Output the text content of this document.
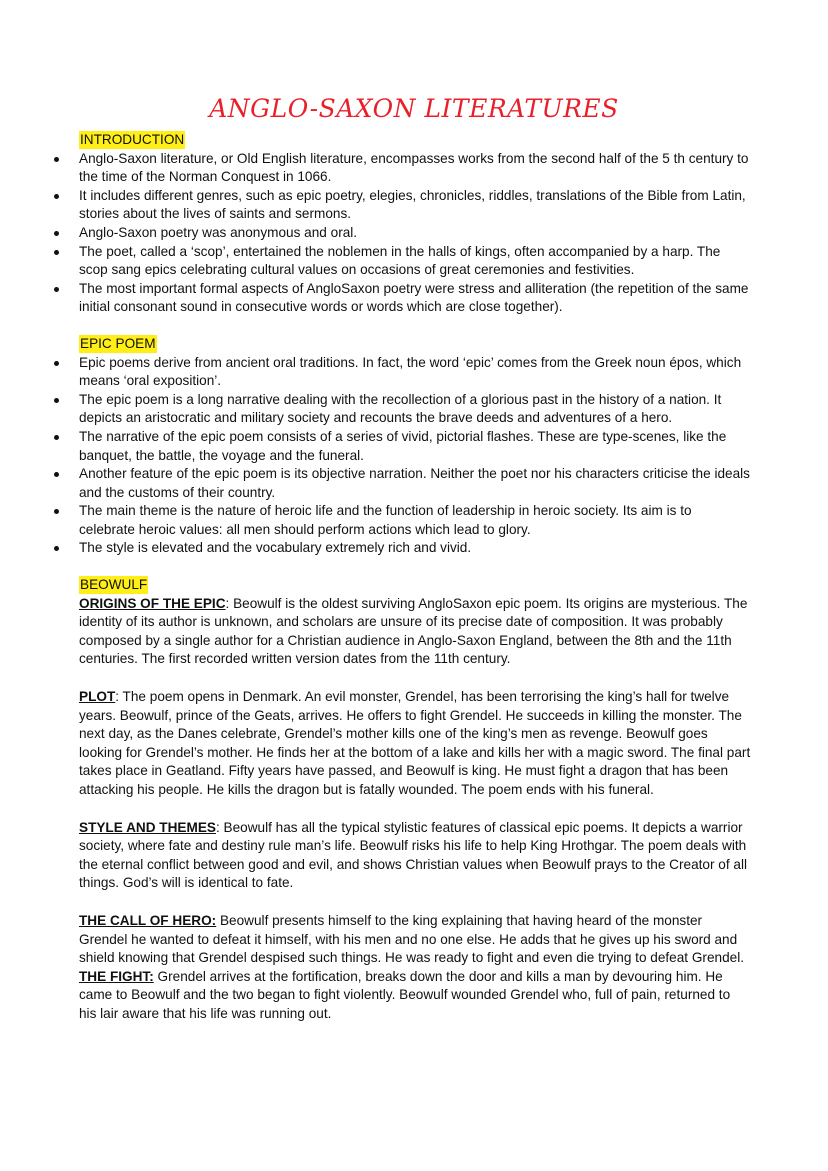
ANGLO-SAXON LITERATURES
INTRODUCTION
Anglo-Saxon literature, or Old English literature, encompasses works from the second half of the 5 th century to the time of the Norman Conquest in 1066.
It includes different genres, such as epic poetry, elegies, chronicles, riddles, translations of the Bible from Latin, stories about the lives of saints and sermons.
Anglo-Saxon poetry was anonymous and oral.
The poet, called a ‘scop’, entertained the noblemen in the halls of kings, often accompanied by a harp. The scop sang epics celebrating cultural values on occasions of great ceremonies and festivities.
The most important formal aspects of AngloSaxon poetry were stress and alliteration (the repetition of the same initial consonant sound in consecutive words or words which are close together).
EPIC POEM
Epic poems derive from ancient oral traditions. In fact, the word ‘epic’ comes from the Greek noun épos, which means ‘oral exposition’.
The epic poem is a long narrative dealing with the recollection of a glorious past in the history of a nation. It depicts an aristocratic and military society and recounts the brave deeds and adventures of a hero.
The narrative of the epic poem consists of a series of vivid, pictorial flashes. These are type-scenes, like the banquet, the battle, the voyage and the funeral.
Another feature of the epic poem is its objective narration. Neither the poet nor his characters criticise the ideals and the customs of their country.
The main theme is the nature of heroic life and the function of leadership in heroic society. Its aim is to celebrate heroic values: all men should perform actions which lead to glory.
The style is elevated and the vocabulary extremely rich and vivid.
BEOWULF

ORIGINS OF THE EPIC: Beowulf is the oldest surviving AngloSaxon epic poem. Its origins are mysterious. The identity of its author is unknown, and scholars are unsure of its precise date of composition. It was probably composed by a single author for a Christian audience in Anglo-Saxon England, between the 8th and the 11th centuries. The first recorded written version dates from the 11th century.

PLOT: The poem opens in Denmark. An evil monster, Grendel, has been terrorising the king’s hall for twelve years. Beowulf, prince of the Geats, arrives. He offers to fight Grendel. He succeeds in killing the monster. The next day, as the Danes celebrate, Grendel’s mother kills one of the king’s men as revenge. Beowulf goes looking for Grendel’s mother. He finds her at the bottom of a lake and kills her with a magic sword. The final part takes place in Geatland. Fifty years have passed, and Beowulf is king. He must fight a dragon that has been attacking his people. He kills the dragon but is fatally wounded. The poem ends with his funeral.

STYLE AND THEMES: Beowulf has all the typical stylistic features of classical epic poems. It depicts a warrior society, where fate and destiny rule man’s life. Beowulf risks his life to help King Hrothgar. The poem deals with the eternal conflict between good and evil, and shows Christian values when Beowulf prays to the Creator of all things. God’s will is identical to fate.

THE CALL OF HERO: Beowulf presents himself to the king explaining that having heard of the monster Grendel he wanted to defeat it himself, with his men and no one else. He adds that he gives up his sword and shield knowing that Grendel despised such things. He was ready to fight and even die trying to defeat Grendel.

THE FIGHT: Grendel arrives at the fortification, breaks down the door and kills a man by devouring him. He came to Beowulf and the two began to fight violently. Beowulf wounded Grendel who, full of pain, returned to his lair aware that his life was running out.
